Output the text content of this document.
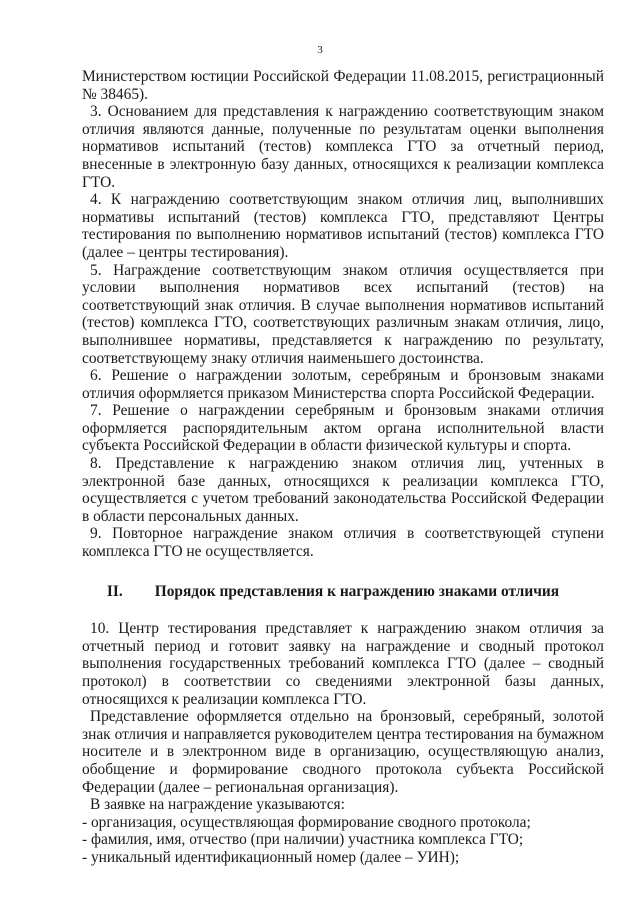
3

Министерством юстиции Российской Федерации 11.08.2015, регистрационный № 38465).

3. Основанием для представления к награждению соответствующим знаком отличия являются данные, полученные по результатам оценки выполнения нормативов испытаний (тестов) комплекса ГТО за отчетный период, внесенные в электронную базу данных, относящихся к реализации комплекса ГТО.

4. К награждению соответствующим знаком отличия лиц, выполнивших нормативы испытаний (тестов) комплекса ГТО, представляют Центры тестирования по выполнению нормативов испытаний (тестов) комплекса ГТО (далее – центры тестирования).

5. Награждение соответствующим знаком отличия осуществляется при условии выполнения нормативов всех испытаний (тестов) на соответствующий знак отличия. В случае выполнения нормативов испытаний (тестов) комплекса ГТО, соответствующих различным знакам отличия, лицо, выполнившее нормативы, представляется к награждению по результату, соответствующему знаку отличия наименьшего достоинства.

6. Решение о награждении золотым, серебряным и бронзовым знаками отличия оформляется приказом Министерства спорта Российской Федерации.

7. Решение о награждении серебряным и бронзовым знаками отличия оформляется распорядительным актом органа исполнительной власти субъекта Российской Федерации в области физической культуры и спорта.

8. Представление к награждению знаком отличия лиц, учтенных в электронной базе данных, относящихся к реализации комплекса ГТО, осуществляется с учетом требований законодательства Российской Федерации в области персональных данных.

9. Повторное награждение знаком отличия в соответствующей ступени комплекса ГТО не осуществляется.

II. Порядок представления к награждению знаками отличия

10. Центр тестирования представляет к награждению знаком отличия за отчетный период и готовит заявку на награждение и сводный протокол выполнения государственных требований комплекса ГТО (далее – сводный протокол) в соответствии со сведениями электронной базы данных, относящихся к реализации комплекса ГТО.

Представление оформляется отдельно на бронзовый, серебряный, золотой знак отличия и направляется руководителем центра тестирования на бумажном носителе и в электронном виде в организацию, осуществляющую анализ, обобщение и формирование сводного протокола субъекта Российской Федерации (далее – региональная организация).

В заявке на награждение указываются:

- организация, осуществляющая формирование сводного протокола;

- фамилия, имя, отчество (при наличии) участника комплекса ГТО;

- уникальный идентификационный номер (далее – УИН);
